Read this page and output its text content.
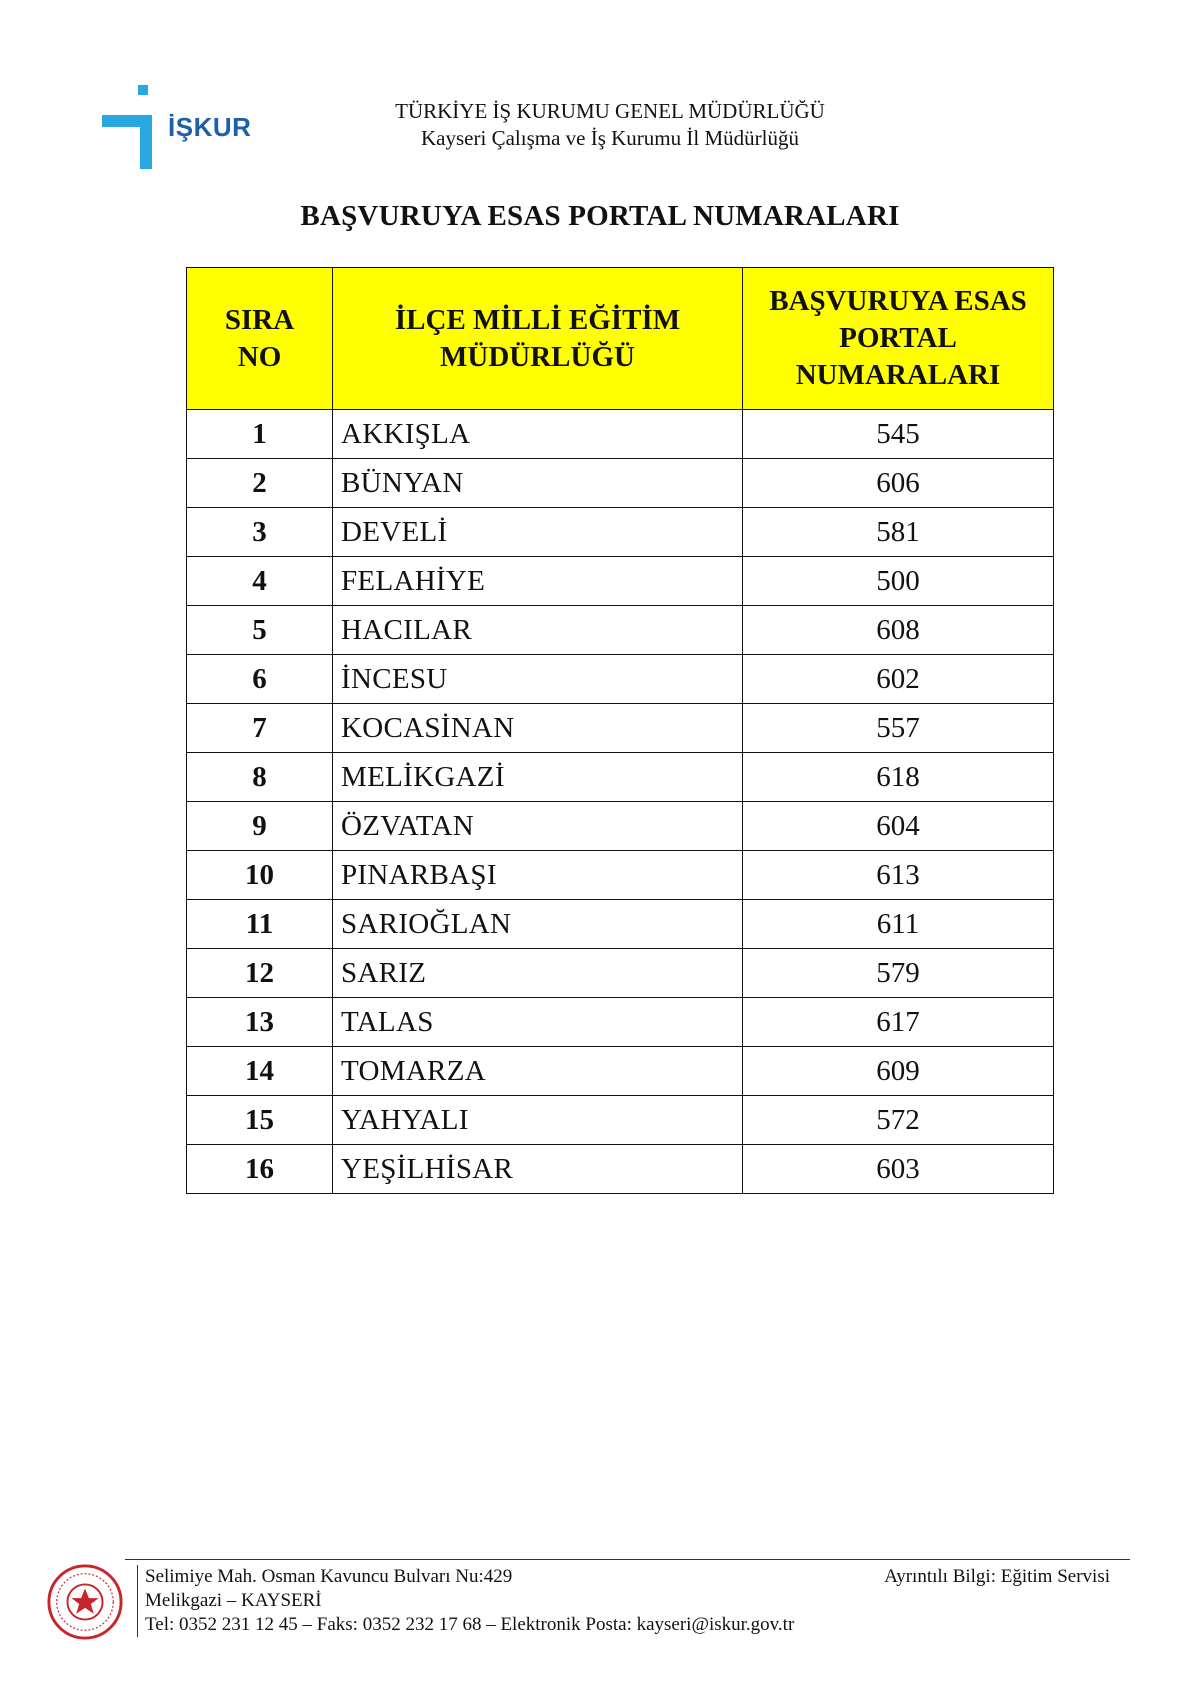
İŞKUR
TÜRKİYE İŞ KURUMU GENEL MÜDÜRLÜĞÜ
Kayseri Çalışma ve İş Kurumu İl Müdürlüğü
BAŞVURUYA ESAS PORTAL NUMARALARI
SIRA NO	İLÇE MİLLİ EĞİTİM MÜDÜRLÜĞÜ	BAŞVURUYA ESAS PORTAL NUMARALARI
1	AKKIŞLA	545
2	BÜNYAN	606
3	DEVELİ	581
4	FELAHİYE	500
5	HACILAR	608
6	İNCESU	602
7	KOCASİNAN	557
8	MELİKGAZİ	618
9	ÖZVATAN	604
10	PINARBAŞI	613
11	SARIOĞLAN	611
12	SARIZ	579
13	TALAS	617
14	TOMARZA	609
15	YAHYALI	572
16	YEŞİLHİSAR	603
Selimiye Mah. Osman Kavuncu Bulvarı Nu:429
Melikgazi – KAYSERİ
Tel: 0352 231 12 45 – Faks: 0352 232 17 68 – Elektronik Posta: kayseri@iskur.gov.tr
Ayrıntılı Bilgi: Eğitim Servisi
